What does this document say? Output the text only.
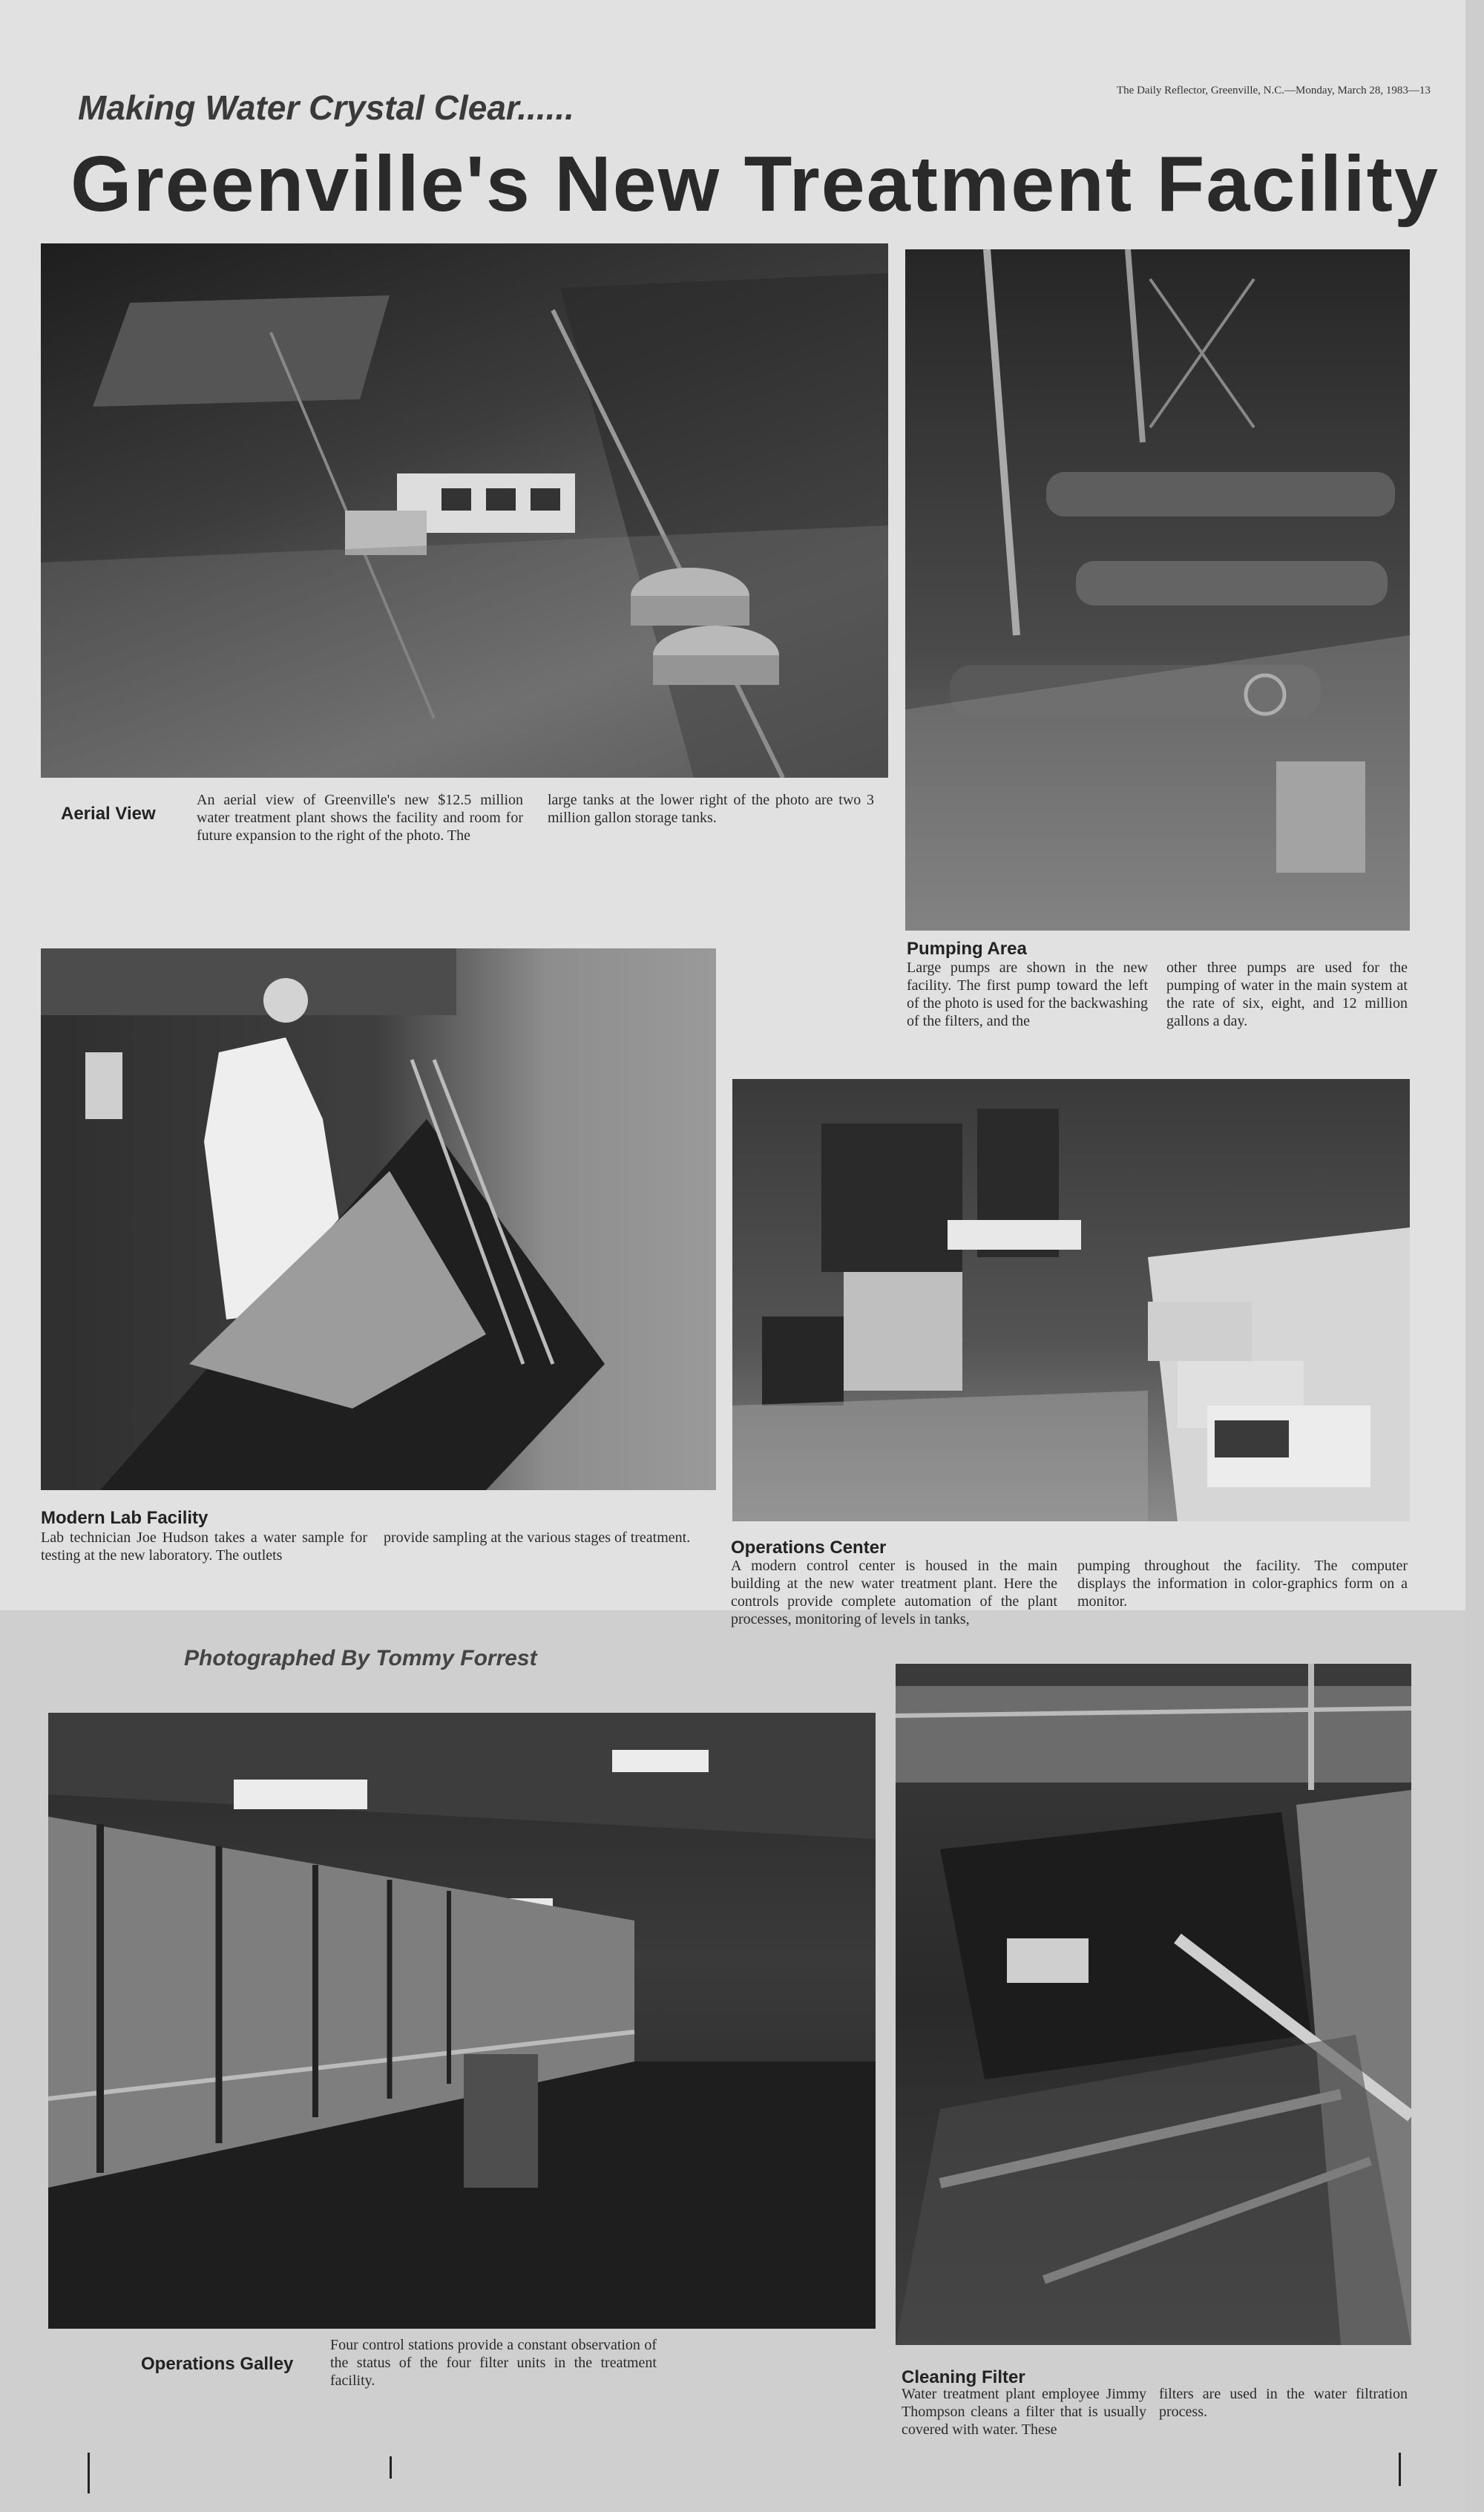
The Daily Reflector, Greenville, N.C.—Monday, March 28, 1983—13
Making Water Crystal Clear......
Greenville's New Treatment Facility
Aerial View
An aerial view of Greenville's new $12.5 million water treatment plant shows the facility and room for future expansion to the right of the photo. The
large tanks at the lower right of the photo are two 3 million gallon storage tanks.
Pumping Area
Large pumps are shown in the new facility. The first pump toward the left of the photo is used for the backwashing of the filters, and the
other three pumps are used for the pumping of water in the main system at the rate of six, eight, and 12 million gallons a day.
Modern Lab Facility
Lab technician Joe Hudson takes a water sample for testing at the new laboratory. The outlets
provide sampling at the various stages of treatment.	Operations Center
A modern control center is housed in the main building at the new water treatment plant. Here the controls provide complete automation of the plant processes, monitoring of levels in tanks,
pumping throughout the facility. The computer displays the information in color-graphics form on a monitor.
Photographed By Tommy Forrest
Operations Galley
Four control stations provide a constant observation of the status of the four filter units in the treatment facility.	Cleaning Filter
Water treatment plant employee Jimmy Thompson cleans a filter that is usually covered with water. These
filters are used in the water filtration process.
